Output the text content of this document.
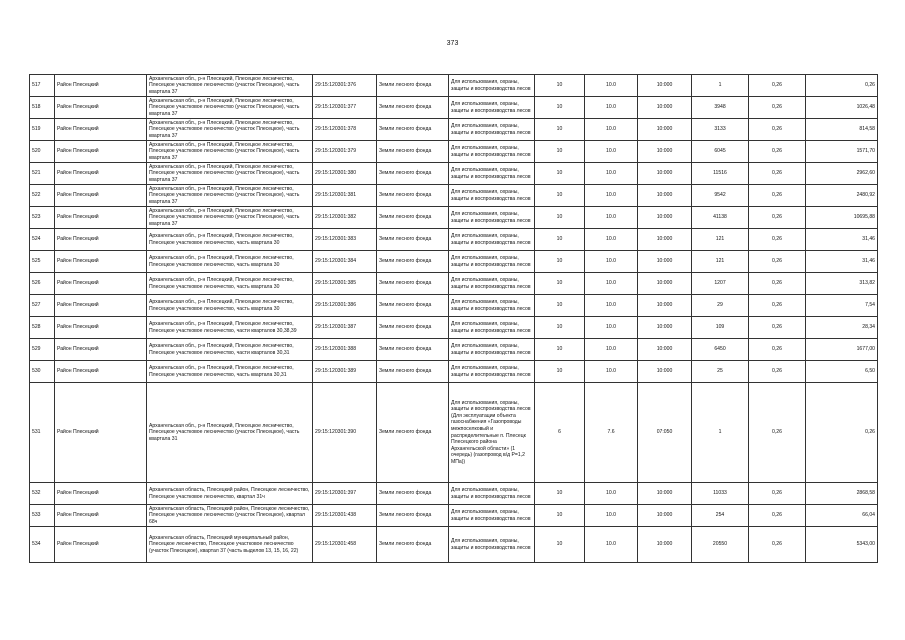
373
517	Район Плесецкий	Архангельская обл., р-н Плесецкий, Плесецкое лесничество, Плесецкое участковое лесничество (участок Плесецкое), часть квартала 37	29:15:120301:376	Земли лесного фонда	Для использования, охраны, защиты и воспроизводства лесов	10	10.0	10:000	1	0,26	0,26
518	Район Плесецкий	Архангельская обл., р-н Плесецкий, Плесецкое лесничество, Плесецкое участковое лесничество (участок Плесецкое), часть квартала 37	29:15:120301:377	Земли лесного фонда	Для использования, охраны, защиты и воспроизводства лесов	10	10.0	10:000	3948	0,26	1026,48
519	Район Плесецкий	Архангельская обл., р-н Плесецкий, Плесецкое лесничество, Плесецкое участковое лесничество (участок Плесецкое), часть квартала 37	29:15:120301:378	Земли лесного фонда	Для использования, охраны, защиты и воспроизводства лесов	10	10.0	10:000	3133	0,26	814,58
520	Район Плесецкий	Архангельская обл., р-н Плесецкий, Плесецкое лесничество, Плесецкое участковое лесничество (участок Плесецкое), часть квартала 37	29:15:120301:379	Земли лесного фонда	Для использования, охраны, защиты и воспроизводства лесов	10	10.0	10:000	6045	0,26	1571,70
521	Район Плесецкий	Архангельская обл., р-н Плесецкий, Плесецкое лесничество, Плесецкое участковое лесничество (участок Плесецкое), часть квартала 37	29:15:120301:380	Земли лесного фонда	Для использования, охраны, защиты и воспроизводства лесов	10	10.0	10:000	11516	0,26	2962,60
522	Район Плесецкий	Архангельская обл., р-н Плесецкий, Плесецкое лесничество, Плесецкое участковое лесничество (участок Плесецкое), часть квартала 37	29:15:120301:381	Земли лесного фонда	Для использования, охраны, защиты и воспроизводства лесов	10	10.0	10:000	9542	0,26	2480,92
523	Район Плесецкий	Архангельская обл., р-н Плесецкий, Плесецкое лесничество, Плесецкое участковое лесничество (участок Плесецкое), часть квартала 37	29:15:120301:382	Земли лесного фонда	Для использования, охраны, защиты и воспроизводства лесов	10	10.0	10:000	41138	0,26	10695,88
524	Район Плесецкий	Архангельская обл., р-н Плесецкий, Плесецкое лесничество, Плесецкое участковое лесничество, часть квартала 30	29:15:120301:383	Земли лесного фонда	Для использования, охраны, защиты и воспроизводства лесов	10	10.0	10:000	121	0,26	31,46
525	Район Плесецкий	Архангельская обл., р-н Плесецкий, Плесецкое лесничество, Плесецкое участковое лесничество, часть квартала 30	29:15:120301:384	Земли лесного фонда	Для использования, охраны, защиты и воспроизводства лесов	10	10.0	10:000	121	0,26	31,46
526	Район Плесецкий	Архангельская обл., р-н Плесецкий, Плесецкое лесничество, Плесецкое участковое лесничество, часть квартала 30	29:15:120301:385	Земли лесного фонда	Для использования, охраны, защиты и воспроизводства лесов	10	10.0	10:000	1207	0,26	313,82
527	Район Плесецкий	Архангельская обл., р-н Плесецкий, Плесецкое лесничество, Плесецкое участковое лесничество, часть квартала 30	29:15:120301:386	Земли лесного фонда	Для использования, охраны, защиты и воспроизводства лесов	10	10.0	10:000	29	0,26	7,54
528	Район Плесецкий	Архангельская обл., р-н Плесецкий, Плесецкое лесничество, Плесецкое участковое лесничество, части кварталов 30,38,39	29:15:120301:387	Земли лесного фонда	Для использования, охраны, защиты и воспроизводства лесов	10	10.0	10:000	109	0,26	28,34
529	Район Плесецкий	Архангельская обл., р-н Плесецкий, Плесецкое лесничество, Плесецкое участковое лесничество, части кварталов 30,31	29:15:120301:388	Земли лесного фонда	Для использования, охраны, защиты и воспроизводства лесов	10	10.0	10:000	6450	0,26	1677,00
530	Район Плесецкий	Архангельская обл., р-н Плесецкий, Плесецкое лесничество, Плесецкое участковое лесничество, часть квартала 30,31	29:15:120301:389	Земли лесного фонда	Для использования, охраны, защиты и воспроизводства лесов	10	10.0	10:000	25	0,26	6,50
531	Район Плесецкий	Архангельская обл., р-н Плесецкий, Плесецкое лесничество, Плесецкое участковое лесничество (участок Плесецкое), часть квартала 31	29:15:120301:390	Земли лесного фонда	Для использования, охраны, защиты и воспроизводства лесов (Для эксплуатации объекта газоснабжения «Газопроводы межпоселковый и распределительные п. Плесецк Плесецкого района Архангельской области» (1 очередь) (газопровод в/д Р=1,2 МПа))	6	7.6	07:050	1	0,26	0,26
532	Район Плесецкий	Архангельская область, Плесецкий район, Плесецкое лесничество, Плесецкое участковое лесничество, квартал 31ч	29:15:120301:397	Земли лесного фонда	Для использования, охраны, защиты и воспроизводства лесов	10	10.0	10:000	11033	0,26	2868,58
533	Район Плесецкий	Архангельская область, Плесецкий район, Плесецкое лесничество, Плесецкое участковое лесничество (участок Плесецкое), квартал 68ч	29:15:120301:438	Земли лесного фонда	Для использования, охраны, защиты и воспроизводства лесов	10	10.0	10:000	254	0,26	66,04
534	Район Плесецкий	Архангельская область, Плесецкий муниципальный район, Плесецкое лесничество, Плесецкое участковое лесничество (участок Плесецкое), квартал 37 (часть выделов 13, 15, 16, 22)	29:15:120301:458	Земли лесного фонда	Для использования, охраны, защиты и воспроизводства лесов	10	10.0	10:000	20550	0,26	5343,00
